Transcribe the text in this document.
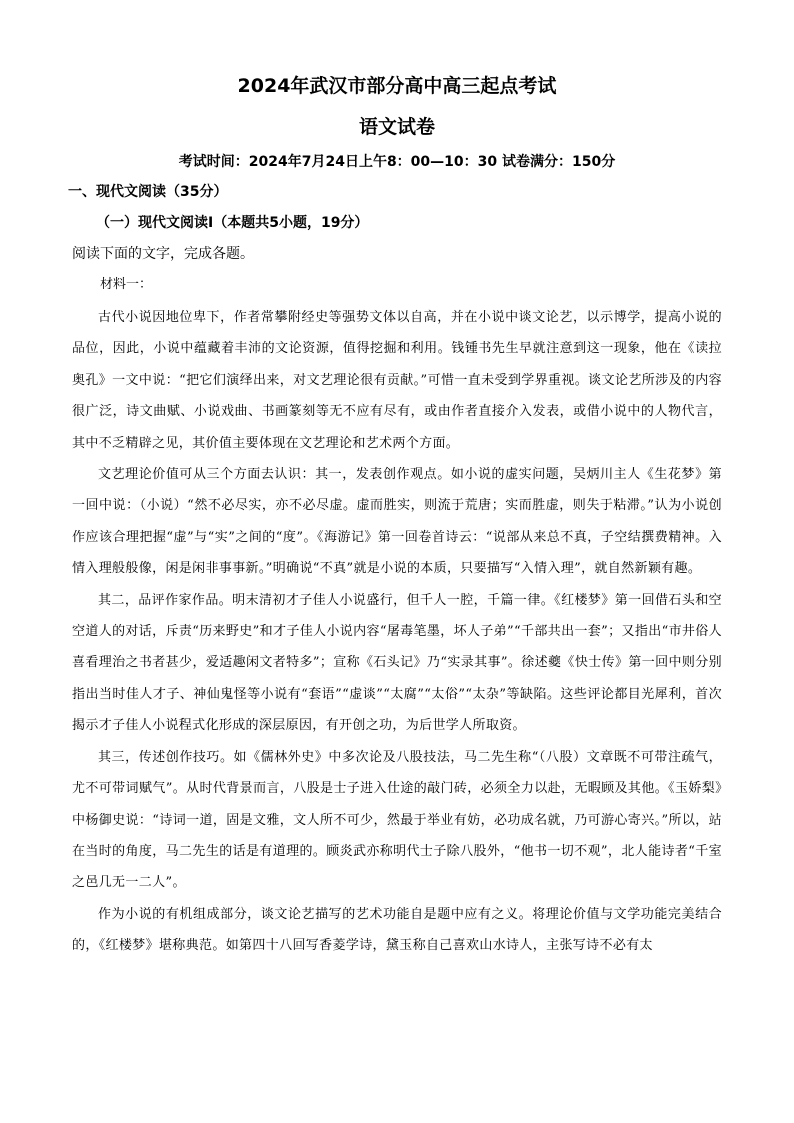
2024年武汉市部分高中高三起点考试
语文试卷
考试时间：2024年7月24日上午8：00—10：30 试卷满分：150分
一、现代文阅读（35分）
（一）现代文阅读Ⅰ（本题共5小题，19分）
阅读下面的文字，完成各题。
材料一：

古代小说因地位卑下，作者常攀附经史等强势文体以自高，并在小说中谈文论艺，以示博学，提高小说的品位，因此，小说中蕴藏着丰沛的文论资源，值得挖掘和利用。钱锺书先生早就注意到这一现象，他在《读拉奥孔》一文中说：“把它们演绎出来，对文艺理论很有贡献。”可惜一直未受到学界重视。谈文论艺所涉及的内容很广泛，诗文曲赋、小说戏曲、书画篆刻等无不应有尽有，或由作者直接介入发表，或借小说中的人物代言，其中不乏精辟之见，其价值主要体现在文艺理论和艺术两个方面。

文艺理论价值可从三个方面去认识：其一，发表创作观点。如小说的虚实问题，吴炳川主人《生花梦》第一回中说：（小说）“然不必尽实，亦不必尽虚。虚而胜实，则流于荒唐；实而胜虚，则失于粘滞。”认为小说创作应该合理把握“虚”与“实”之间的“度”。《海游记》第一回卷首诗云：“说部从来总不真，子空结撰费精神。入情入理般般像，闲是闲非事事新。”明确说“不真”就是小说的本质，只要描写“入情入理”，就自然新颖有趣。

其二，品评作家作品。明末清初才子佳人小说盛行，但千人一腔，千篇一律。《红楼梦》第一回借石头和空空道人的对话，斥责“历来野史”和才子佳人小说内容“屠毒笔墨，坏人子弟”“千部共出一套”；又指出“市井俗人喜看理治之书者甚少，爱适趣闲文者特多”；宣称《石头记》乃“实录其事”。徐述夔《快士传》第一回中则分别指出当时佳人才子、神仙鬼怪等小说有“套语”“虚谈”“太腐”“太俗”“太杂”等缺陷。这些评论都目光犀利，首次揭示才子佳人小说程式化形成的深层原因，有开创之功，为后世学人所取资。

其三，传述创作技巧。如《儒林外史》中多次论及八股技法，马二先生称“（八股）文章既不可带注疏气，尤不可带词赋气”。从时代背景而言，八股是士子进入仕途的敲门砖，必须全力以赴，无暇顾及其他。《玉娇梨》中杨御史说：“诗词一道，固是文雅，文人所不可少，然最于举业有妨，必功成名就，乃可游心寄兴。”所以，站在当时的角度，马二先生的话是有道理的。顾炎武亦称明代士子除八股外，“他书一切不观”，北人能诗者“千室之邑几无一二人”。

作为小说的有机组成部分，谈文论艺描写的艺术功能自是题中应有之义。将理论价值与文学功能完美结合的，《红楼梦》堪称典范。如第四十八回写香菱学诗，黛玉称自己喜欢山水诗人，主张写诗不必有太
